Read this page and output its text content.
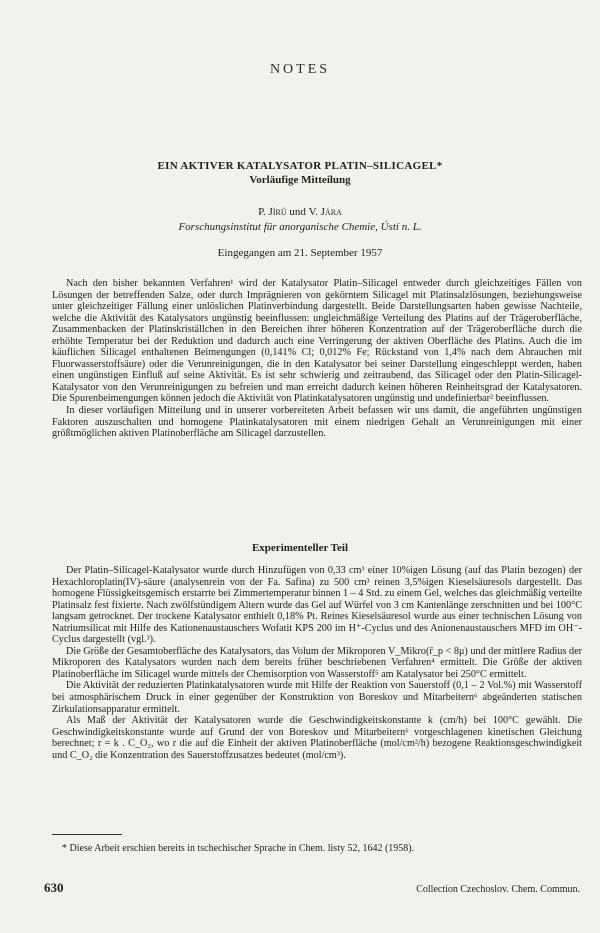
NOTES
EIN AKTIVER KATALYSATOR PLATIN–SILICAGEL*
Vorläufige Mitteilung
P. Jírů und V. Jára
Forschungsinstitut für anorganische Chemie, Ústí n. L.
Eingegangen am 21. September 1957

Nach den bisher bekannten Verfahren¹ wird der Katalysator Platin–Silicagel entweder durch gleichzeitiges Fällen von Lösungen der betreffenden Salze, oder durch Imprägnieren von gekörntem Silicagel mit Platinsalzlösungen, beziehungsweise unter gleichzeitiger Fällung einer unlöslichen Platinverbindung dargestellt. Beide Darstellungsarten haben gewisse Nachteile, welche die Aktivität des Katalysators ungünstig beeinflussen: ungleichmäßige Verteilung des Platins auf der Trägeroberfläche, Zusammenbacken der Platinskriställchen in den Bereichen ihrer höheren Konzentration auf der Trägeroberfläche durch die erhöhte Temperatur bei der Reduktion und dadurch auch eine Verringerung der aktiven Oberfläche des Platins. Auch die im käuflichen Silicagel enthaltenen Beimengungen (0,141% Cl; 0,012% Fe; Rückstand von 1,4% nach dem Abrauchen mit Fluorwasserstoffsäure) oder die Verunreinigungen, die in den Katalysator bei seiner Darstellung eingeschleppt werden, haben einen ungünstigen Einfluß auf seine Aktivität. Es ist sehr schwierig und zeitraubend, das Silicagel oder den Platin-Silicagel-Katalysator von den Verunreinigungen zu befreien und man erreicht dadurch keinen höheren Reinheitsgrad der Katalysatoren. Die Spurenbeimengungen können jedoch die Aktivität von Platinkatalysatoren ungünstig und undefinierbar² beeinflussen.

In dieser vorläufigen Mitteilung und in unserer vorbereiteten Arbeit befassen wir uns damit, die angeführten ungünstigen Faktoren auszuschalten und homogene Platinkatalysatoren mit einem niedrigen Gehalt an Verunreinigungen mit einer größtmöglichen aktiven Platinoberfläche am Silicagel darzustellen.

Experimenteller Teil

Der Platin–Silicagel-Katalysator wurde durch Hinzufügen von 0,33 cm³ einer 10%igen Lösung (auf das Platin bezogen) der Hexachloroplatin(IV)-säure (analysenrein von der Fa. Safina) zu 500 cm³ reinen 3,5%igen Kieselsäuresols dargestellt. Das homogene Flüssigkeitsgemisch erstarrte bei Zimmertemperatur binnen 1 – 4 Std. zu einem Gel, welches das gleichmäßig verteilte Platinsalz fest fixierte. Nach zwölfstündigem Altern wurde das Gel auf Würfel von 3 cm Kantenlänge zerschnitten und bei 100°C langsam getrocknet. Der trockene Katalysator enthielt 0,18% Pt. Reines Kieselsäuresol wurde aus einer technischen Lösung von Natriumsilicat mit Hilfe des Kationenaustauschers Wofatit KPS 200 im H⁺-Cyclus und des Anionenaustauschers MFD im OH⁻-Cyclus dargestellt (vgl.³).

Die Größe der Gesamtoberfläche des Katalysators, das Volum der Mikroporen V_Mikro(r̄_p < 8μ) und der mittlere Radius der Mikroporen des Katalysators wurden nach dem bereits früher beschriebenen Verfahren⁴ ermittelt. Die Größe der aktiven Platinoberfläche im Silicagel wurde mittels der Chemisorption von Wasserstoff⁵ am Katalysator bei 250°C ermittelt.

Die Aktivität der reduzierten Platinkatalysatoren wurde mit Hilfe der Reaktion von Sauerstoff (0,1 – 2 Vol.%) mit Wasserstoff bei atmosphärischem Druck in einer gegenüber der Konstruktion von Boreskov und Mitarbeitern⁶ abgeänderten statischen Zirkulationsapparatur ermittelt.

Als Maß der Aktivität der Katalysatoren wurde die Geschwindigkeitskonstante k (cm/h) bei 100°C gewählt. Die Geschwindigkeitskonstante wurde auf Grund der von Boreskov und Mitarbeitern⁶ vorgeschlagenen kinetischen Gleichung berechnet; r = k . C_O₂, wo r die auf die Einheit der aktiven Platinoberfläche (mol/cm²/h) bezogene Reaktionsgeschwindigkeit und C_O₂ die Konzentration des Sauerstoffzusatzes bedeutet (mol/cm³).

* Diese Arbeit erschien bereits in tschechischer Sprache in Chem. listy 52, 1642 (1958).
630	Collection Czechoslov. Chem. Commun.
